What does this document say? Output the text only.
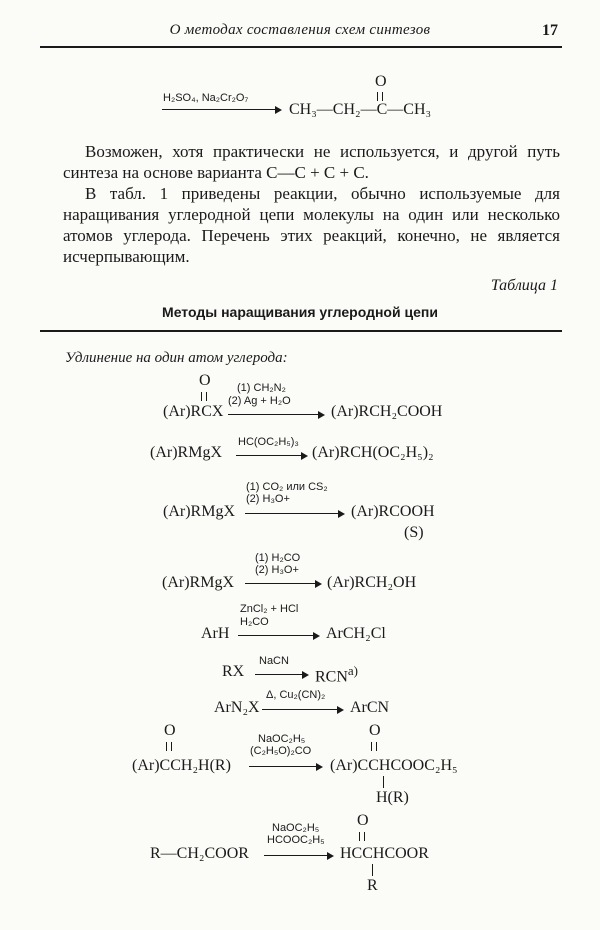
О методах составления схем синтезов	17
H₂SO₄, Na₂Cr₂O₇
O
CH₃—CH₂—C—CH₃
Возможен, хотя практически не используется, и другой путь синтеза на основе варианта C—C + C + C.
В табл. 1 приведены реакции, обычно используемые для наращивания углеродной цепи молекулы на один или несколько атомов углерода. Перечень этих реакций, конечно, не является исчерпывающим.
Таблица 1
Методы наращивания углеродной цепи
Удлинение на один атом углерода:
O
(Ar)RCX
(1) CH₂N₂
(2) Ag + H₂O
(Ar)RCH₂COOH
(Ar)RMgX
HC(OC₂H₅)₃
(Ar)RCH(OC₂H₅)₂
(Ar)RMgX
(1) CO₂ или CS₂
(2) H₃O+
(Ar)RCOOH
(S)
(Ar)RMgX
(1) H₂CO
(2) H₃O+
(Ar)RCH₂OH
ArH
ZnCl₂ + HCl
H₂CO
ArCH₂Cl
RX
NaCN
→ $RCN^{a)}$
ArN₂X
Δ, Cu₂(CN)₂
ArCN
O
(Ar)CCH₂H(R)
NaOC₂H₅
(C₂H₅O)₂CO
O
(Ar)CCHCOOC₂H₅
H(R)
R—CH₂COOR
NaOC₂H₅
HCOOC₂H₅
O
HCCHCOOR
R
